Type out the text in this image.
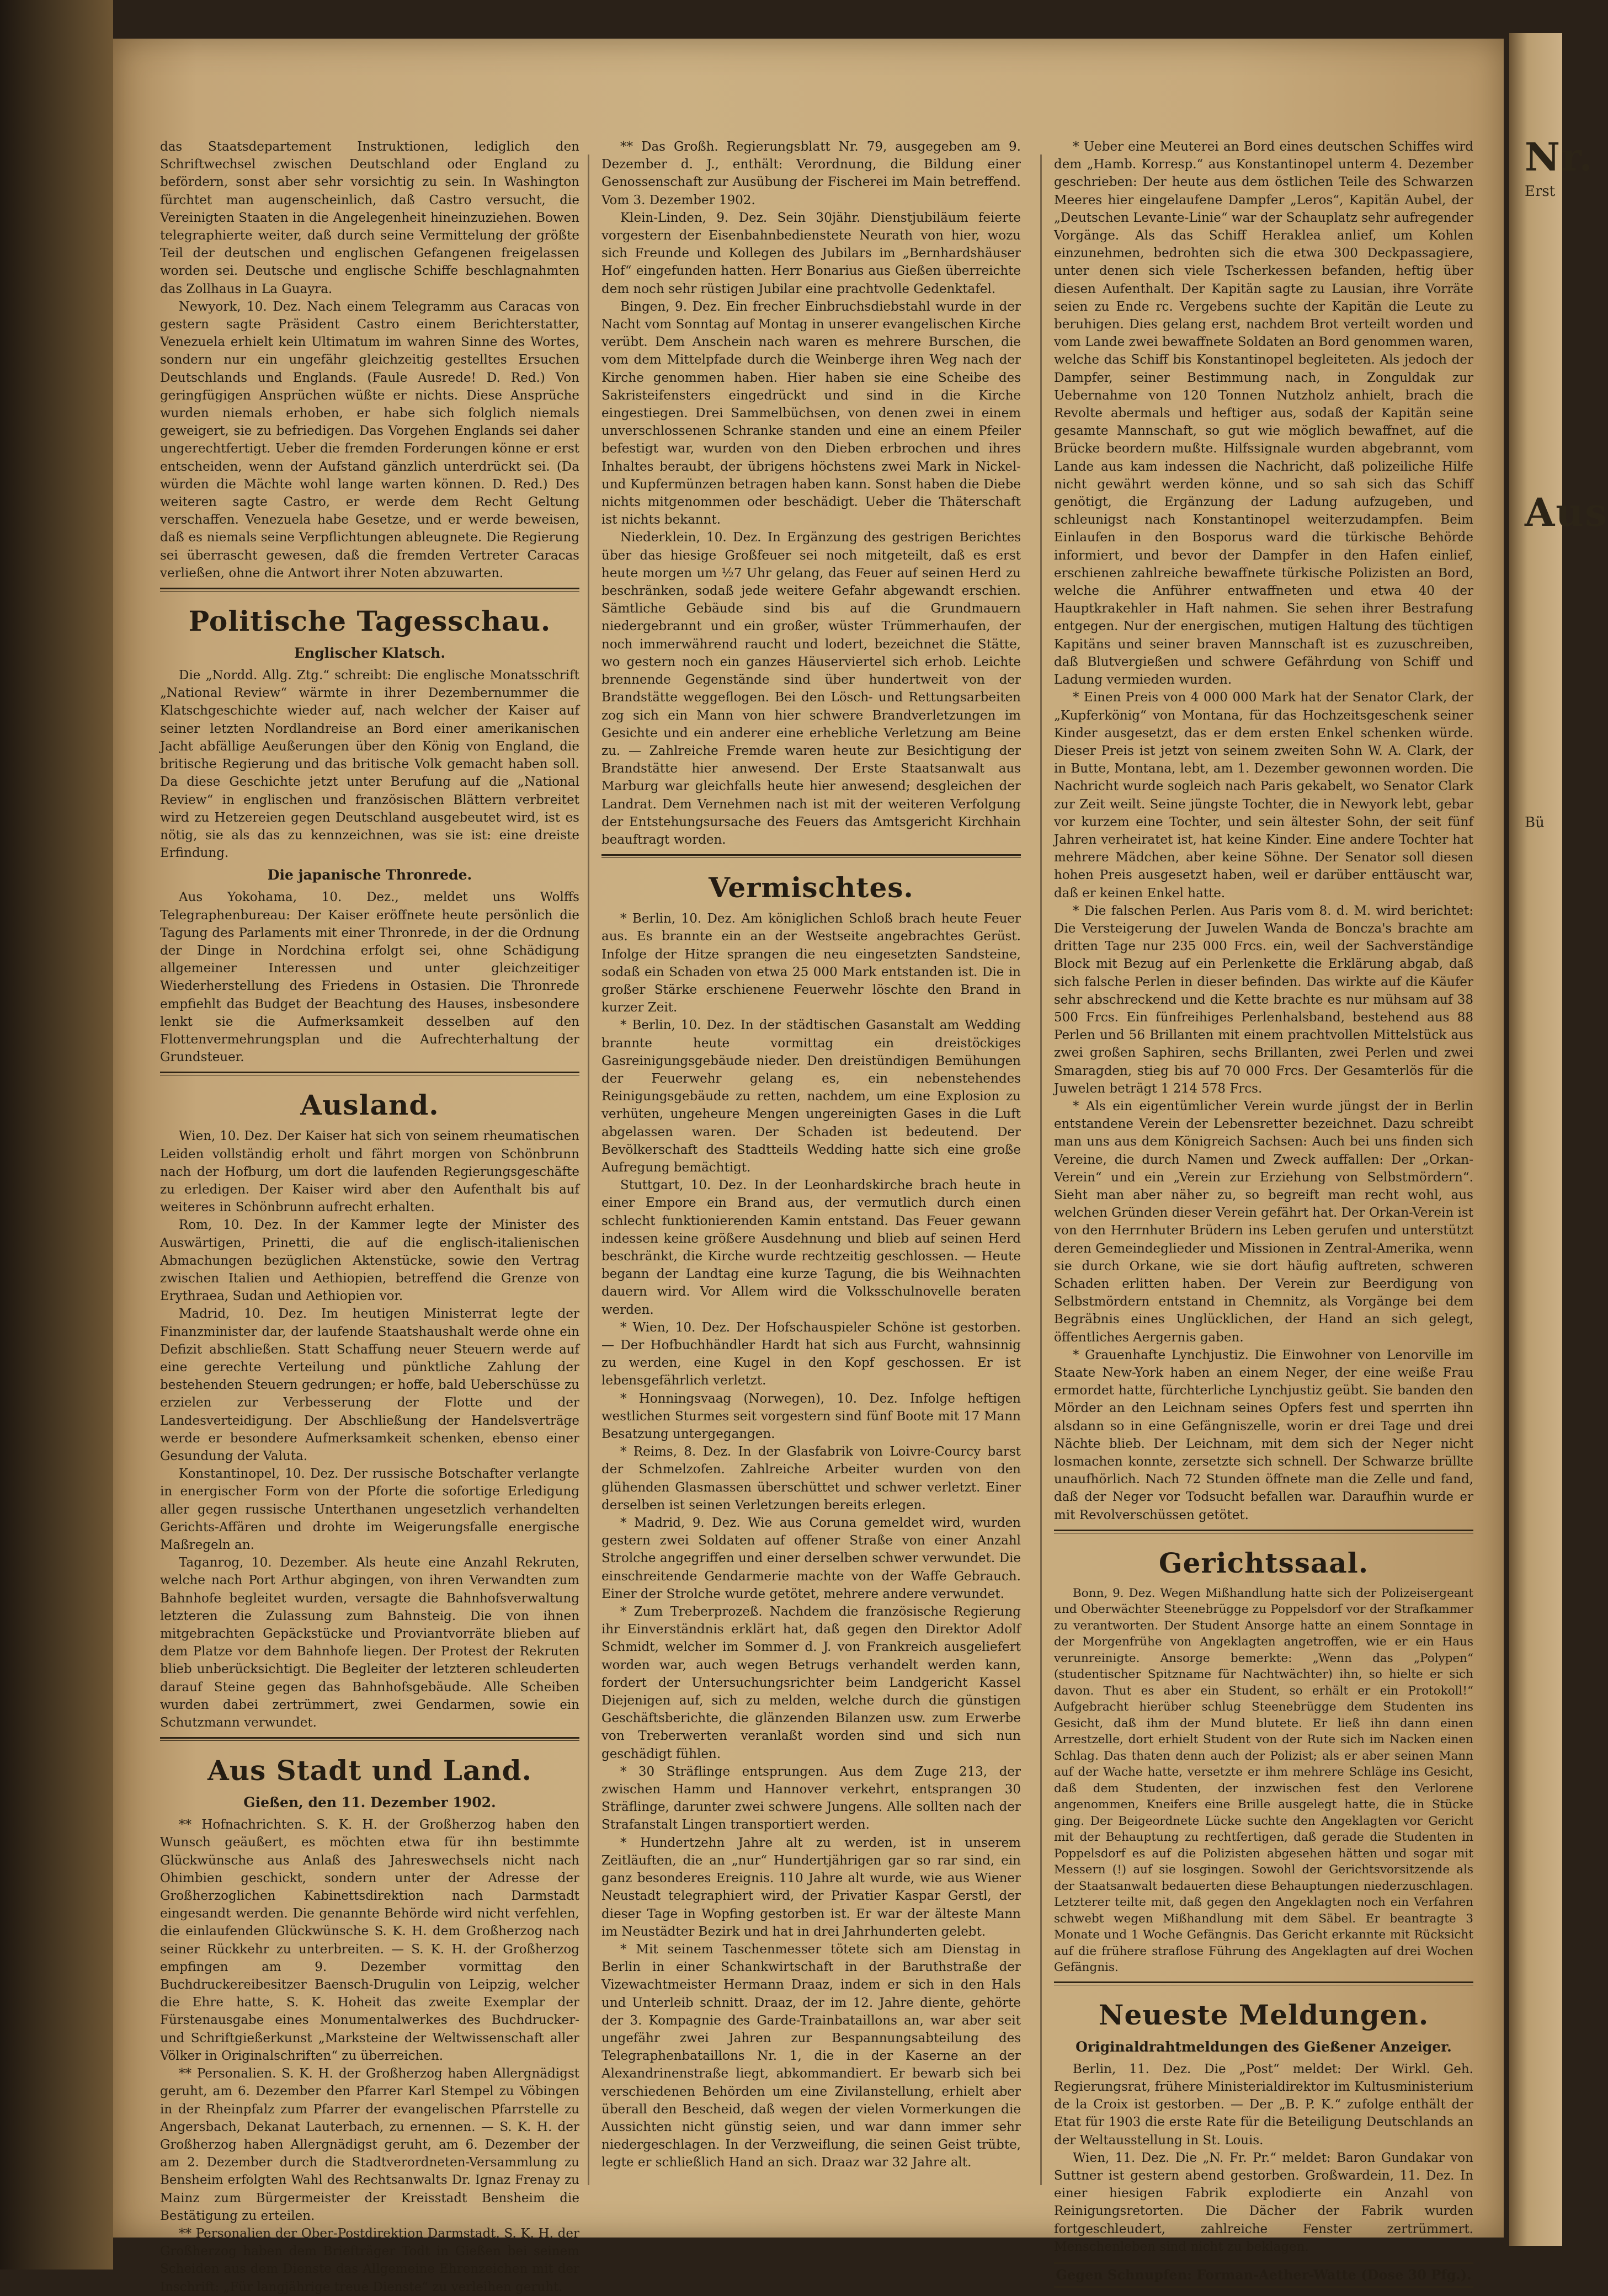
das Staatsdepartement Instruktionen, lediglich den Schriftwechsel zwischen Deutschland oder England zu befördern, sonst aber sehr vorsichtig zu sein. In Washington fürchtet man augenscheinlich, daß Castro versucht, die Vereinigten Staaten in die Angelegenheit hineinzuziehen. Bowen telegraphierte weiter, daß durch seine Vermittelung der größte Teil der deutschen und englischen Gefangenen freigelassen worden sei. Deutsche und englische Schiffe beschlagnahmten das Zollhaus in La Guayra.

Newyork, 10. Dez. Nach einem Telegramm aus Caracas von gestern sagte Präsident Castro einem Berichterstatter, Venezuela erhielt kein Ultimatum im wahren Sinne des Wortes, sondern nur ein ungefähr gleichzeitig gestelltes Ersuchen Deutschlands und Englands. (Faule Ausrede! D. Red.) Von geringfügigen Ansprüchen wüßte er nichts. Diese Ansprüche wurden niemals erhoben, er habe sich folglich niemals geweigert, sie zu befriedigen. Das Vorgehen Englands sei daher ungerechtfertigt. Ueber die fremden Forderungen könne er erst entscheiden, wenn der Aufstand gänzlich unterdrückt sei. (Da würden die Mächte wohl lange warten können. D. Red.) Des weiteren sagte Castro, er werde dem Recht Geltung verschaffen. Venezuela habe Gesetze, und er werde beweisen, daß es niemals seine Verpflichtungen ableugnete. Die Regierung sei überrascht gewesen, daß die fremden Vertreter Caracas verließen, ohne die Antwort ihrer Noten abzuwarten.

Politische Tagesschau.
Englischer Klatsch.

Die „Nordd. Allg. Ztg.“ schreibt: Die englische Monatsschrift „National Review“ wärmte in ihrer Dezembernummer die Klatschgeschichte wieder auf, nach welcher der Kaiser auf seiner letzten Nordlandreise an Bord einer amerikanischen Jacht abfällige Aeußerungen über den König von England, die britische Regierung und das britische Volk gemacht haben soll. Da diese Geschichte jetzt unter Berufung auf die „National Review“ in englischen und französischen Blättern verbreitet wird zu Hetzereien gegen Deutschland ausgebeutet wird, ist es nötig, sie als das zu kennzeichnen, was sie ist: eine dreiste Erfindung.

Die japanische Thronrede.

Aus Yokohama, 10. Dez., meldet uns Wolffs Telegraphenbureau: Der Kaiser eröffnete heute persönlich die Tagung des Parlaments mit einer Thronrede, in der die Ordnung der Dinge in Nordchina erfolgt sei, ohne Schädigung allgemeiner Interessen und unter gleichzeitiger Wiederherstellung des Friedens in Ostasien. Die Thronrede empfiehlt das Budget der Beachtung des Hauses, insbesondere lenkt sie die Aufmerksamkeit desselben auf den Flottenvermehrungsplan und die Aufrechterhaltung der Grundsteuer.

Ausland.

Wien, 10. Dez. Der Kaiser hat sich von seinem rheumatischen Leiden vollständig erholt und fährt morgen von Schönbrunn nach der Hofburg, um dort die laufenden Regierungsgeschäfte zu erledigen. Der Kaiser wird aber den Aufenthalt bis auf weiteres in Schönbrunn aufrecht erhalten.

Rom, 10. Dez. In der Kammer legte der Minister des Auswärtigen, Prinetti, die auf die englisch-italienischen Abmachungen bezüglichen Aktenstücke, sowie den Vertrag zwischen Italien und Aethiopien, betreffend die Grenze von Erythraea, Sudan und Aethiopien vor.

Madrid, 10. Dez. Im heutigen Ministerrat legte der Finanzminister dar, der laufende Staatshaushalt werde ohne ein Defizit abschließen. Statt Schaffung neuer Steuern werde auf eine gerechte Verteilung und pünktliche Zahlung der bestehenden Steuern gedrungen; er hoffe, bald Ueberschüsse zu erzielen zur Verbesserung der Flotte und der Landesverteidigung. Der Abschließung der Handelsverträge werde er besondere Aufmerksamkeit schenken, ebenso einer Gesundung der Valuta.

Konstantinopel, 10. Dez. Der russische Botschafter verlangte in energischer Form von der Pforte die sofortige Erledigung aller gegen russische Unterthanen ungesetzlich verhandelten Gerichts-Affären und drohte im Weigerungsfalle energische Maßregeln an.

Taganrog, 10. Dezember. Als heute eine Anzahl Rekruten, welche nach Port Arthur abgingen, von ihren Verwandten zum Bahnhofe begleitet wurden, versagte die Bahnhofsverwaltung letzteren die Zulassung zum Bahnsteig. Die von ihnen mitgebrachten Gepäckstücke und Proviantvorräte blieben auf dem Platze vor dem Bahnhofe liegen. Der Protest der Rekruten blieb unberücksichtigt. Die Begleiter der letzteren schleuderten darauf Steine gegen das Bahnhofsgebäude. Alle Scheiben wurden dabei zertrümmert, zwei Gendarmen, sowie ein Schutzmann verwundet.

Aus Stadt und Land.
Gießen, den 11. Dezember 1902.

** Hofnachrichten. S. K. H. der Großherzog haben den Wunsch geäußert, es möchten etwa für ihn bestimmte Glückwünsche aus Anlaß des Jahreswechsels nicht nach Ohimbien geschickt, sondern unter der Adresse der Großherzoglichen Kabinettsdirektion nach Darmstadt eingesandt werden. Die genannte Behörde wird nicht verfehlen, die einlaufenden Glückwünsche S. K. H. dem Großherzog nach seiner Rückkehr zu unterbreiten. — S. K. H. der Großherzog empfingen am 9. Dezember vormittag den Buchdruckereibesitzer Baensch-Drugulin von Leipzig, welcher die Ehre hatte, S. K. Hoheit das zweite Exemplar der Fürstenausgabe eines Monumentalwerkes des Buchdrucker- und Schriftgießerkunst „Marksteine der Weltwissenschaft aller Völker in Originalschriften“ zu überreichen.

** Personalien. S. K. H. der Großherzog haben Allergnädigst geruht, am 6. Dezember den Pfarrer Karl Stempel zu Vöbingen in der Rheinpfalz zum Pfarrer der evangelischen Pfarrstelle zu Angersbach, Dekanat Lauterbach, zu ernennen. — S. K. H. der Großherzog haben Allergnädigst geruht, am 6. Dezember der am 2. Dezember durch die Stadtverordneten-Versammlung zu Bensheim erfolgten Wahl des Rechtsanwalts Dr. Ignaz Frenay zu Mainz zum Bürgermeister der Kreisstadt Bensheim die Bestätigung zu erteilen.

** Personalien der Ober-Postdirektion Darmstadt. S. K. H. der Großherzog haben dem Briefträger Todt in Gießen bei seinem Scheiden aus dem Dienste das Allgemeine Ehrenzeichen mit der Inschrift: „Für langjährige treue Dienste“ zu verleihen geruht.

** Das Großh. Regierungsblatt Nr. 79, ausgegeben am 9. Dezember d. J., enthält: Verordnung, die Bildung einer Genossenschaft zur Ausübung der Fischerei im Main betreffend. Vom 3. Dezember 1902.

Klein-Linden, 9. Dez. Sein 30jähr. Dienstjubiläum feierte vorgestern der Eisenbahnbedienstete Neurath von hier, wozu sich Freunde und Kollegen des Jubilars im „Bernhardshäuser Hof“ eingefunden hatten. Herr Bonarius aus Gießen überreichte dem noch sehr rüstigen Jubilar eine prachtvolle Gedenktafel.

Bingen, 9. Dez. Ein frecher Einbruchsdiebstahl wurde in der Nacht vom Sonntag auf Montag in unserer evangelischen Kirche verübt. Dem Anschein nach waren es mehrere Burschen, die vom dem Mittelpfade durch die Weinberge ihren Weg nach der Kirche genommen haben. Hier haben sie eine Scheibe des Sakristeifensters eingedrückt und sind in die Kirche eingestiegen. Drei Sammelbüchsen, von denen zwei in einem unverschlossenen Schranke standen und eine an einem Pfeiler befestigt war, wurden von den Dieben erbrochen und ihres Inhaltes beraubt, der übrigens höchstens zwei Mark in Nickel- und Kupfermünzen betragen haben kann. Sonst haben die Diebe nichts mitgenommen oder beschädigt. Ueber die Thäterschaft ist nichts bekannt.

Niederklein, 10. Dez. In Ergänzung des gestrigen Berichtes über das hiesige Großfeuer sei noch mitgeteilt, daß es erst heute morgen um ½7 Uhr gelang, das Feuer auf seinen Herd zu beschränken, sodaß jede weitere Gefahr abgewandt erschien. Sämtliche Gebäude sind bis auf die Grundmauern niedergebrannt und ein großer, wüster Trümmerhaufen, der noch immerwährend raucht und lodert, bezeichnet die Stätte, wo gestern noch ein ganzes Häuserviertel sich erhob. Leichte brennende Gegenstände sind über hundertweit von der Brandstätte weggeflogen. Bei den Lösch- und Rettungsarbeiten zog sich ein Mann von hier schwere Brandverletzungen im Gesichte und ein anderer eine erhebliche Verletzung am Beine zu. — Zahlreiche Fremde waren heute zur Besichtigung der Brandstätte hier anwesend. Der Erste Staatsanwalt aus Marburg war gleichfalls heute hier anwesend; desgleichen der Landrat. Dem Vernehmen nach ist mit der weiteren Verfolgung der Entstehungsursache des Feuers das Amtsgericht Kirchhain beauftragt worden.

Vermischtes.

* Berlin, 10. Dez. Am königlichen Schloß brach heute Feuer aus. Es brannte ein an der Westseite angebrachtes Gerüst. Infolge der Hitze sprangen die neu eingesetzten Sandsteine, sodaß ein Schaden von etwa 25 000 Mark entstanden ist. Die in großer Stärke erschienene Feuerwehr löschte den Brand in kurzer Zeit.

* Berlin, 10. Dez. In der städtischen Gasanstalt am Wedding brannte heute vormittag ein dreistöckiges Gasreinigungsgebäude nieder. Den dreistündigen Bemühungen der Feuerwehr gelang es, ein nebenstehendes Reinigungsgebäude zu retten, nachdem, um eine Explosion zu verhüten, ungeheure Mengen ungereinigten Gases in die Luft abgelassen waren. Der Schaden ist bedeutend. Der Bevölkerschaft des Stadtteils Wedding hatte sich eine große Aufregung bemächtigt.

Stuttgart, 10. Dez. In der Leonhardskirche brach heute in einer Empore ein Brand aus, der vermutlich durch einen schlecht funktionierenden Kamin entstand. Das Feuer gewann indessen keine größere Ausdehnung und blieb auf seinen Herd beschränkt, die Kirche wurde rechtzeitig geschlossen. — Heute begann der Landtag eine kurze Tagung, die bis Weihnachten dauern wird. Vor Allem wird die Volksschulnovelle beraten werden.

* Wien, 10. Dez. Der Hofschauspieler Schöne ist gestorben. — Der Hofbuchhändler Hardt hat sich aus Furcht, wahnsinnig zu werden, eine Kugel in den Kopf geschossen. Er ist lebensgefährlich verletzt.

* Honningsvaag (Norwegen), 10. Dez. Infolge heftigen westlichen Sturmes seit vorgestern sind fünf Boote mit 17 Mann Besatzung untergegangen.

* Reims, 8. Dez. In der Glasfabrik von Loivre-Courcy barst der Schmelzofen. Zahlreiche Arbeiter wurden von den glühenden Glasmassen überschüttet und schwer verletzt. Einer derselben ist seinen Verletzungen bereits erlegen.

* Madrid, 9. Dez. Wie aus Coruna gemeldet wird, wurden gestern zwei Soldaten auf offener Straße von einer Anzahl Strolche angegriffen und einer derselben schwer verwundet. Die einschreitende Gendarmerie machte von der Waffe Gebrauch. Einer der Strolche wurde getötet, mehrere andere verwundet.

* Zum Treberprozeß. Nachdem die französische Regierung ihr Einverständnis erklärt hat, daß gegen den Direktor Adolf Schmidt, welcher im Sommer d. J. von Frankreich ausgeliefert worden war, auch wegen Betrugs verhandelt werden kann, fordert der Untersuchungsrichter beim Landgericht Kassel Diejenigen auf, sich zu melden, welche durch die günstigen Geschäftsberichte, die glänzenden Bilanzen usw. zum Erwerbe von Treberwerten veranlaßt worden sind und sich nun geschädigt fühlen.

* 30 Sträflinge entsprungen. Aus dem Zuge 213, der zwischen Hamm und Hannover verkehrt, entsprangen 30 Sträflinge, darunter zwei schwere Jungens. Alle sollten nach der Strafanstalt Lingen transportiert werden.

* Hundertzehn Jahre alt zu werden, ist in unserem Zeitläuften, die an „nur“ Hundertjährigen gar so rar sind, ein ganz besonderes Ereignis. 110 Jahre alt wurde, wie aus Wiener Neustadt telegraphiert wird, der Privatier Kaspar Gerstl, der dieser Tage in Wopfing gestorben ist. Er war der älteste Mann im Neustädter Bezirk und hat in drei Jahrhunderten gelebt.

* Mit seinem Taschenmesser tötete sich am Dienstag in Berlin in einer Schankwirtschaft in der Baruthstraße der Vizewachtmeister Hermann Draaz, indem er sich in den Hals und Unterleib schnitt. Draaz, der im 12. Jahre diente, gehörte der 3. Kompagnie des Garde-Trainbataillons an, war aber seit ungefähr zwei Jahren zur Bespannungsabteilung des Telegraphenbataillons Nr. 1, die in der Kaserne an der Alexandrinenstraße liegt, abkommandiert. Er bewarb sich bei verschiedenen Behörden um eine Zivilanstellung, erhielt aber überall den Bescheid, daß wegen der vielen Vormerkungen die Aussichten nicht günstig seien, und war dann immer sehr niedergeschlagen. In der Verzweiflung, die seinen Geist trübte, legte er schließlich Hand an sich. Draaz war 32 Jahre alt.

* Ueber eine Meuterei an Bord eines deutschen Schiffes wird dem „Hamb. Korresp.“ aus Konstantinopel unterm 4. Dezember geschrieben: Der heute aus dem östlichen Teile des Schwarzen Meeres hier eingelaufene Dampfer „Leros“, Kapitän Aubel, der „Deutschen Levante-Linie“ war der Schauplatz sehr aufregender Vorgänge. Als das Schiff Heraklea anlief, um Kohlen einzunehmen, bedrohten sich die etwa 300 Deckpassagiere, unter denen sich viele Tscherkessen befanden, heftig über diesen Aufenthalt. Der Kapitän sagte zu Lausian, ihre Vorräte seien zu Ende rc. Vergebens suchte der Kapitän die Leute zu beruhigen. Dies gelang erst, nachdem Brot verteilt worden und vom Lande zwei bewaffnete Soldaten an Bord genommen waren, welche das Schiff bis Konstantinopel begleiteten. Als jedoch der Dampfer, seiner Bestimmung nach, in Zonguldak zur Uebernahme von 120 Tonnen Nutzholz anhielt, brach die Revolte abermals und heftiger aus, sodaß der Kapitän seine gesamte Mannschaft, so gut wie möglich bewaffnet, auf die Brücke beordern mußte. Hilfssignale wurden abgebrannt, vom Lande aus kam indessen die Nachricht, daß polizeiliche Hilfe nicht gewährt werden könne, und so sah sich das Schiff genötigt, die Ergänzung der Ladung aufzugeben, und schleunigst nach Konstantinopel weiterzudampfen. Beim Einlaufen in den Bosporus ward die türkische Behörde informiert, und bevor der Dampfer in den Hafen einlief, erschienen zahlreiche bewaffnete türkische Polizisten an Bord, welche die Anführer entwaffneten und etwa 40 der Hauptkrakehler in Haft nahmen. Sie sehen ihrer Bestrafung entgegen. Nur der energischen, mutigen Haltung des tüchtigen Kapitäns und seiner braven Mannschaft ist es zuzuschreiben, daß Blutvergießen und schwere Gefährdung von Schiff und Ladung vermieden wurden.

* Einen Preis von 4 000 000 Mark hat der Senator Clark, der „Kupferkönig“ von Montana, für das Hochzeitsgeschenk seiner Kinder ausgesetzt, das er dem ersten Enkel schenken würde. Dieser Preis ist jetzt von seinem zweiten Sohn W. A. Clark, der in Butte, Montana, lebt, am 1. Dezember gewonnen worden. Die Nachricht wurde sogleich nach Paris gekabelt, wo Senator Clark zur Zeit weilt. Seine jüngste Tochter, die in Newyork lebt, gebar vor kurzem eine Tochter, und sein ältester Sohn, der seit fünf Jahren verheiratet ist, hat keine Kinder. Eine andere Tochter hat mehrere Mädchen, aber keine Söhne. Der Senator soll diesen hohen Preis ausgesetzt haben, weil er darüber enttäuscht war, daß er keinen Enkel hatte.

* Die falschen Perlen. Aus Paris vom 8. d. M. wird berichtet: Die Versteigerung der Juwelen Wanda de Boncza's brachte am dritten Tage nur 235 000 Frcs. ein, weil der Sachverständige Block mit Bezug auf ein Perlenkette die Erklärung abgab, daß sich falsche Perlen in dieser befinden. Das wirkte auf die Käufer sehr abschreckend und die Kette brachte es nur mühsam auf 38 500 Frcs. Ein fünfreihiges Perlenhalsband, bestehend aus 88 Perlen und 56 Brillanten mit einem prachtvollen Mittelstück aus zwei großen Saphiren, sechs Brillanten, zwei Perlen und zwei Smaragden, stieg bis auf 70 000 Frcs. Der Gesamterlös für die Juwelen beträgt 1 214 578 Frcs.

* Als ein eigentümlicher Verein wurde jüngst der in Berlin entstandene Verein der Lebensretter bezeichnet. Dazu schreibt man uns aus dem Königreich Sachsen: Auch bei uns finden sich Vereine, die durch Namen und Zweck auffallen: Der „Orkan-Verein“ und ein „Verein zur Erziehung von Selbstmördern“. Sieht man aber näher zu, so begreift man recht wohl, aus welchen Gründen dieser Verein gefährt hat. Der Orkan-Verein ist von den Herrnhuter Brüdern ins Leben gerufen und unterstützt deren Gemeindeglieder und Missionen in Zentral-Amerika, wenn sie durch Orkane, wie sie dort häufig auftreten, schweren Schaden erlitten haben. Der Verein zur Beerdigung von Selbstmördern entstand in Chemnitz, als Vorgänge bei dem Begräbnis eines Unglücklichen, der Hand an sich gelegt, öffentliches Aergernis gaben.

* Grauenhafte Lynchjustiz. Die Einwohner von Lenorville im Staate New-York haben an einem Neger, der eine weiße Frau ermordet hatte, fürchterliche Lynchjustiz geübt. Sie banden den Mörder an den Leichnam seines Opfers fest und sperrten ihn alsdann so in eine Gefängniszelle, worin er drei Tage und drei Nächte blieb. Der Leichnam, mit dem sich der Neger nicht losmachen konnte, zersetzte sich schnell. Der Schwarze brüllte unaufhörlich. Nach 72 Stunden öffnete man die Zelle und fand, daß der Neger vor Todsucht befallen war. Daraufhin wurde er mit Revolverschüssen getötet.

Gerichtssaal.

Bonn, 9. Dez. Wegen Mißhandlung hatte sich der Polizeisergeant und Oberwächter Steenebrügge zu Poppelsdorf vor der Strafkammer zu verantworten. Der Student Ansorge hatte an einem Sonntage in der Morgenfrühe von Angeklagten angetroffen, wie er ein Haus verunreinigte. Ansorge bemerkte: „Wenn das „Polypen“ (studentischer Spitzname für Nachtwächter) ihn, so hielte er sich davon. Thut es aber ein Student, so erhält er ein Protokoll!“ Aufgebracht hierüber schlug Steenebrügge dem Studenten ins Gesicht, daß ihm der Mund blutete. Er ließ ihn dann einen Arrestzelle, dort erhielt Student von der Rute sich im Nacken einen Schlag. Das thaten denn auch der Polizist; als er aber seinen Mann auf der Wache hatte, versetzte er ihm mehrere Schläge ins Gesicht, daß dem Studenten, der inzwischen fest den Verlorene angenommen, Kneifers eine Brille ausgelegt hatte, die in Stücke ging. Der Beigeordnete Lücke suchte den Angeklagten vor Gericht mit der Behauptung zu rechtfertigen, daß gerade die Studenten in Poppelsdorf es auf die Polizisten abgesehen hätten und sogar mit Messern (!) auf sie losgingen. Sowohl der Gerichtsvorsitzende als der Staatsanwalt bedauerten diese Behauptungen niederzuschlagen. Letzterer teilte mit, daß gegen den Angeklagten noch ein Verfahren schwebt wegen Mißhandlung mit dem Säbel. Er beantragte 3 Monate und 1 Woche Gefängnis. Das Gericht erkannte mit Rücksicht auf die frühere straflose Führung des Angeklagten auf drei Wochen Gefängnis.

Neueste Meldungen.
Originaldrahtmeldungen des Gießener Anzeiger.

Berlin, 11. Dez. Die „Post“ meldet: Der Wirkl. Geh. Regierungsrat, frühere Ministerialdirektor im Kultusministerium de la Croix ist gestorben. — Der „B. P. K.“ zufolge enthält der Etat für 1903 die erste Rate für die Beteiligung Deutschlands an der Weltausstellung in St. Louis.

Wien, 11. Dez. Die „N. Fr. Pr.“ meldet: Baron Gundakar von Suttner ist gestern abend gestorben. Großwardein, 11. Dez. In einer hiesigen Fabrik explodierte ein Anzahl von Reinigungsretorten. Die Dächer der Fabrik wurden fortgeschleudert, zahlreiche Fenster zertrümmert. Menschenleben sind nicht zu beklagen.

Gegen Schnupfen: Forman-Aether-Watte (Dose 30 Pfg.).
Nr.
Erst
Aus
Bü
